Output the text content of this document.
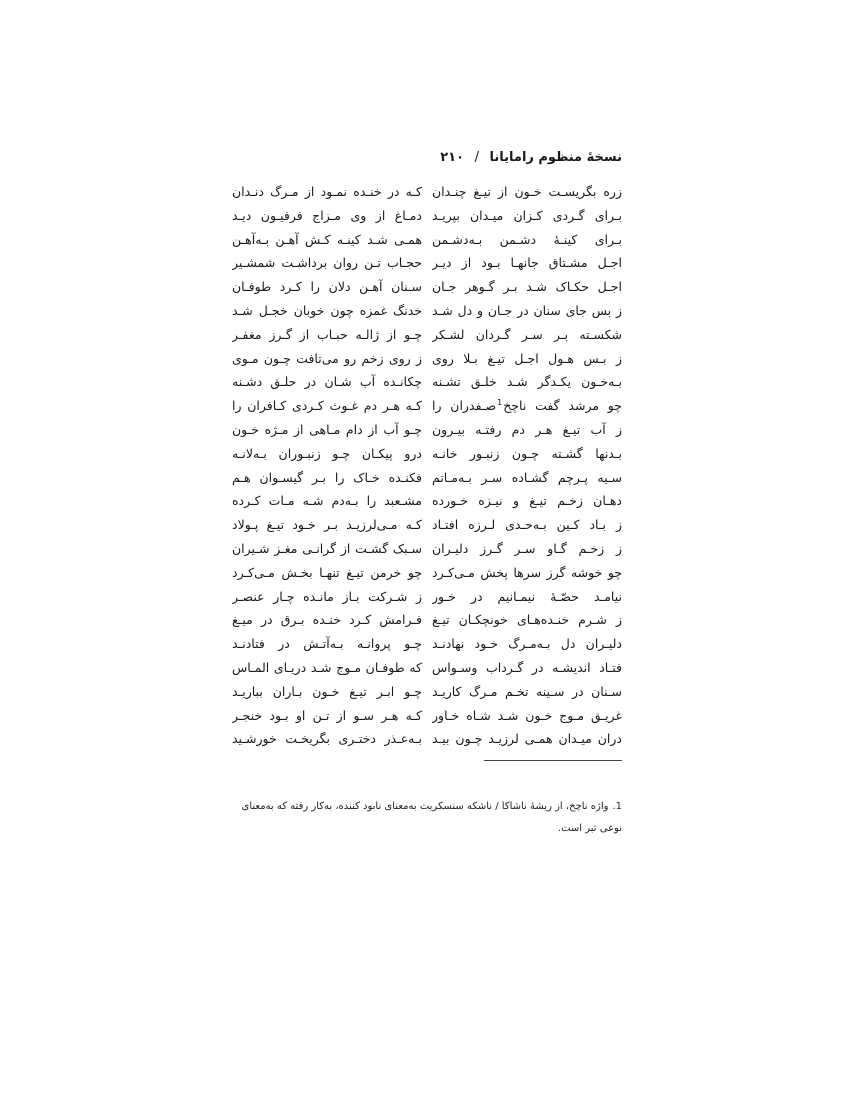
نسخهٔ منظوم رامایانا / ۲۱۰
زره بگریسـت خـون از تیـغ چنـدان
بـرای گـردی کـزان میـدان بپریـد
بـرای کینـهٔ دشـمن بـه‌دشـمن
اجـل مشـتاق جانهـا بـود از دیـر
اجـل حکـاک شـد بـر گـوهر جـان
ز بس جای سنان در جـان و دل شـد
شکسـته بـر سـر گـردان لشـکر
ز بـس هـول اجـل تیـغ بـلا روی
بـه‌خـون یکـدگر شـد خلـق تشـنه
چو مرشد گفت ناچخ$^1$صـفدران را
ز آب تیـغ هـر دم رفتـه بیـرون
بـدنها گشـته چـون زنبـور خانـه
سـیه پـرچم گشـاده سـر بـه‌مـاتم
دهـان زخـم تیـغ و نیـزه خـورده
ز بـاد کـین بـه‌حـدی لـرزه افتـاد
ز زخـم گـاو سـر گـرز دلیـران
چو خوشه گرز سرها پخش مـی‌کـرد
نیامـد حصّـهٔ نیمـانیم در خـور
ز شـرم خنـده‌هـای خونچکـان تیـغ
دلیـران دل بـه‌مـرگ خـود نهادنـد
فتـاد اندیشـه در گـرداب وسـواس
سـنان در سـینه تخـم مـرگ کاریـد
غریـق مـوج خـون شـد شـاه خـاور
دران میـدان همـی لرزیـد چـون بیـد
کـه در خنـده نمـود از مـرگ دنـدان
دمـاغ از وی مـزاج فرفیـون دیـد
همـی شـد کینـه کـش آهـن بـه‌آهـن
حجـاب تـن روان برداشـت شمشـیر
سـنان آهـن دلان را کـرد طوفـان
خدنگ غمزه چون خوبان خجـل شـد
چـو از ژالـه حبـاب از گـرز مغفـر
ز روی زخم رو می‌تافت چـون مـوی
چکانـده آب شـان در حلـق دشـنه
کـه هـر دم غـوث کـردی کـافران را
چـو آب از دام مـاهی از مـژه خـون
درو پیکـان چـو زنبـوران بـه‌لانـه
فکنـده خـاک را بـر گیسـوان هـم
مشـعبد را بـه‌دم شـه مـات کـرده
کـه مـی‌لرزیـد بـر خـود تیـغ پـولاد
سـبک گشـت از گرانـی مغـز شـیران
چو خرمن تیـغ تنهـا بخـش مـی‌کـرد
ز شـرکت بـاز مانـده چـار عنصـر
فـرامش کـرد خنـده بـرق در میـغ
چـو پروانـه بـه‌آتـش در فتادنـد
که طوفـان مـوج شـد دریـای المـاس
چـو ابـر تیـغ خـون بـاران بباریـد
کـه هـر سـو از تـن او بـود خنجـر
بـه‌عـذر دختـری بگریخـت خورشـید
1.واژه ناچخ، از ریشهٔ ناشاکا / ناشکه سنسکریت به‌معنای نابود کننده، به‌کار رفته که به‌معنای نوعی تبر است.
